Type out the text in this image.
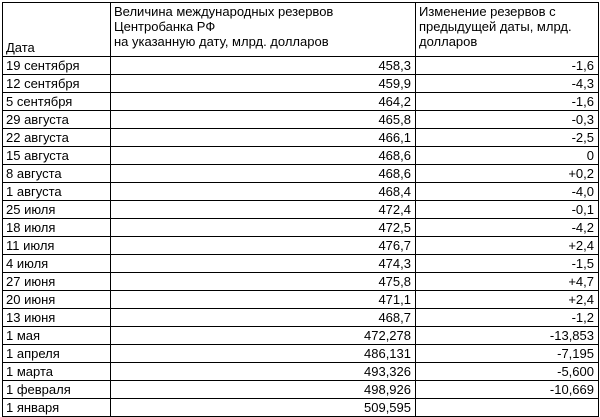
Дата	Величина международных резервов
Центробанка РФ
на указанную дату, млрд. долларов	Изменение резервов с
предыдущей даты, млрд.
долларов

19 сентября	458,3	-1,6
12 сентября	459,9	-4,3
5 сентября	464,2	-1,6
29 августа	465,8	-0,3
22 августа	466,1	-2,5
15 августа	468,6	0
8 августа	468,6	+0,2
1 августа	468,4	-4,0
25 июля	472,4	-0,1
18 июля	472,5	-4,2
11 июля	476,7	+2,4
4 июля	474,3	-1,5
27 июня	475,8	+4,7
20 июня	471,1	+2,4
13 июня	468,7	-1,2
1 мая	472,278	-13,853
1 апреля	486,131	-7,195
1 марта	493,326	-5,600
1 февраля	498,926	-10,669
1 января	509,595	
